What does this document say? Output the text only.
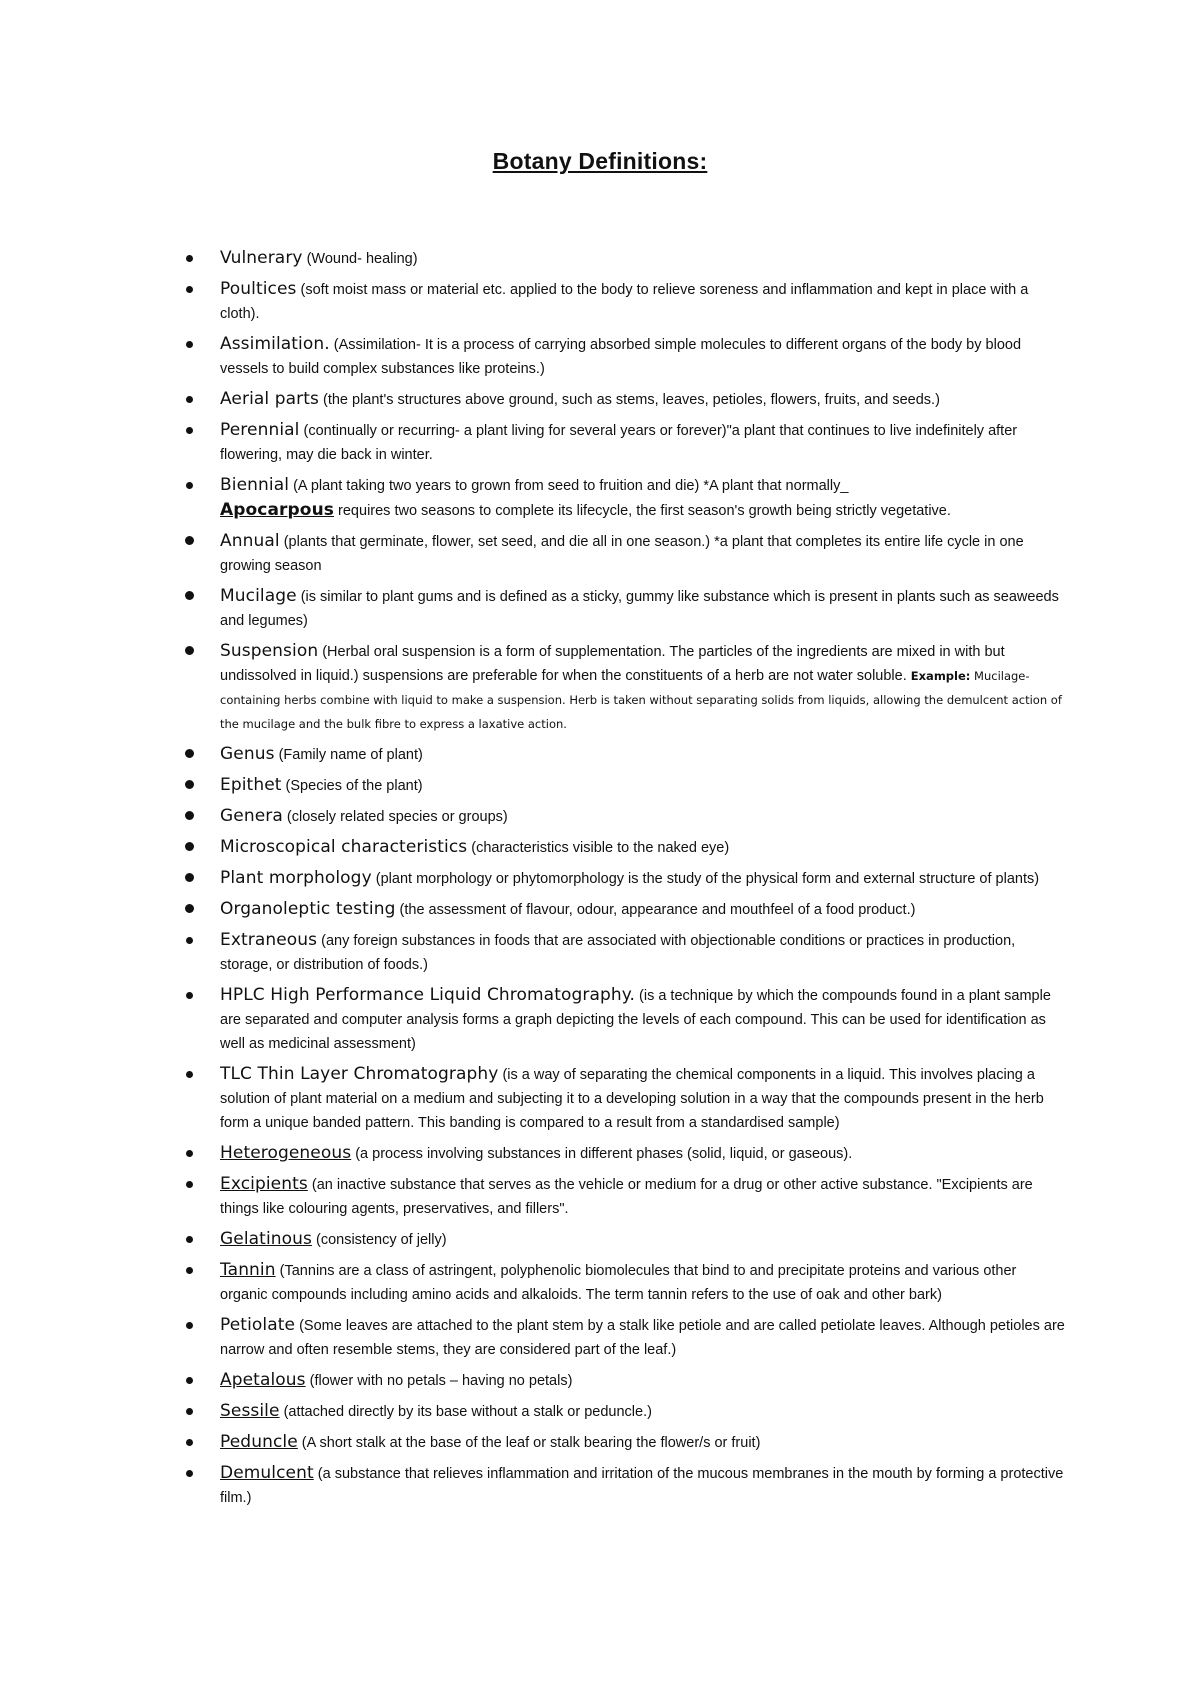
Botany Definitions:
Vulnerary (Wound- healing)
Poultices (soft moist mass or material etc. applied to the body to relieve soreness and inflammation and kept in place with a cloth).
Assimilation. (Assimilation- It is a process of carrying absorbed simple molecules to different organs of the body by blood vessels to build complex substances like proteins.)
Aerial parts (the plant's structures above ground, such as stems, leaves, petioles, flowers, fruits, and seeds.)
Perennial (continually or recurring- a plant living for several years or forever)"a plant that continues to live indefinitely after flowering, may die back in winter.
Biennial (A plant taking two years to grown from seed to fruition and die) *A plant that normally_
Apocarpous requires two seasons to complete its lifecycle, the first season's growth being strictly vegetative.
Annual (plants that germinate, flower, set seed, and die all in one season.) *a plant that completes its entire life cycle in one growing season
Mucilage (is similar to plant gums and is defined as a sticky, gummy like substance which is present in plants such as seaweeds and legumes)
Suspension (Herbal oral suspension is a form of supplementation. The particles of the ingredients are mixed in with but undissolved in liquid.) suspensions are preferable for when the constituents of a herb are not water soluble. Example: Mucilage-containing herbs combine with liquid to make a suspension. Herb is taken without separating solids from liquids, allowing the demulcent action of the mucilage and the bulk fibre to express a laxative action.
Genus (Family name of plant)
Epithet (Species of the plant)
Genera (closely related species or groups)
Microscopical characteristics (characteristics visible to the naked eye)
Plant morphology (plant morphology or phytomorphology is the study of the physical form and external structure of plants)
Organoleptic testing (the assessment of flavour, odour, appearance and mouthfeel of a food product.)
Extraneous (any foreign substances in foods that are associated with objectionable conditions or practices in production, storage, or distribution of foods.)
HPLC High Performance Liquid Chromatography. (is a technique by which the compounds found in a plant sample are separated and computer analysis forms a graph depicting the levels of each compound. This can be used for identification as well as medicinal assessment)
TLC Thin Layer Chromatography (is a way of separating the chemical components in a liquid. This involves placing a solution of plant material on a medium and subjecting it to a developing solution in a way that the compounds present in the herb form a unique banded pattern. This banding is compared to a result from a standardised sample)
Heterogeneous (a process involving substances in different phases (solid, liquid, or gaseous).
Excipients (an inactive substance that serves as the vehicle or medium for a drug or other active substance. "Excipients are things like colouring agents, preservatives, and fillers".
Gelatinous (consistency of jelly)
Tannin (Tannins are a class of astringent, polyphenolic biomolecules that bind to and precipitate proteins and various other organic compounds including amino acids and alkaloids. The term tannin refers to the use of oak and other bark)
Petiolate (Some leaves are attached to the plant stem by a stalk like petiole and are called petiolate leaves. Although petioles are narrow and often resemble stems, they are considered part of the leaf.)
Apetalous (flower with no petals – having no petals)
Sessile (attached directly by its base without a stalk or peduncle.)
Peduncle (A short stalk at the base of the leaf or stalk bearing the flower/s or fruit)
Demulcent (a substance that relieves inflammation and irritation of the mucous membranes in the mouth by forming a protective film.)
